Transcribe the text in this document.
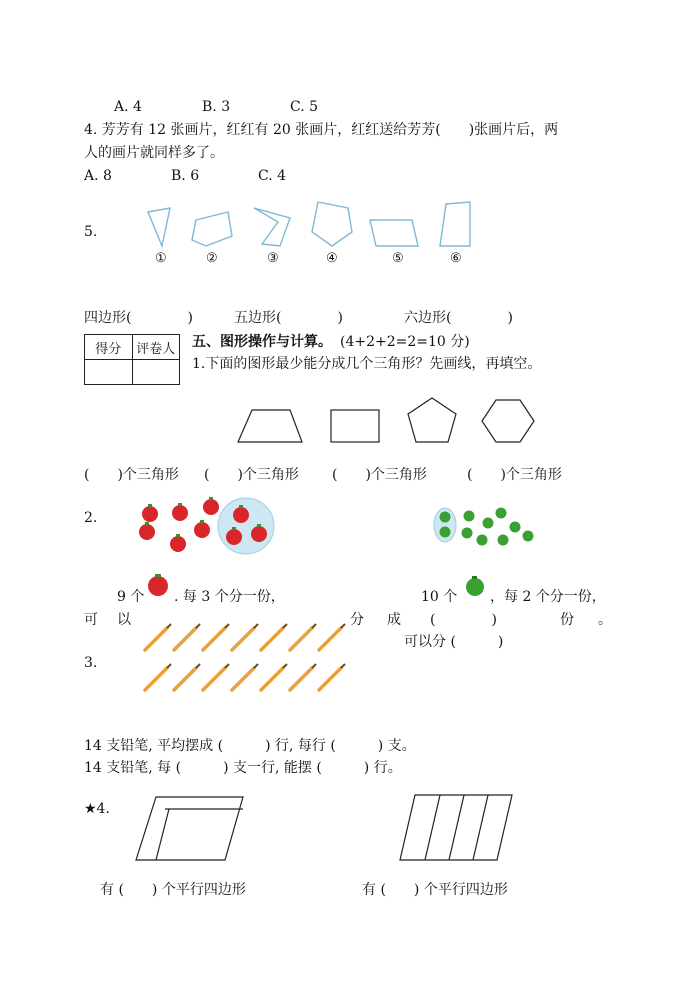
A. 4	B. 3	C. 5
4. 芳芳有 12 张画片，红红有 20 张画片，红红送给芳芳(　　)张画片后，两
人的画片就同样多了。
A. 8	B. 6	C. 4
5.
①	②	③	④	⑤	⑥
四边形(　　　　)	五边形(　　　　)	六边形(　　　　)
得分	评卷人
	五、图形操作与计算。 (4+2+2=2=10 分)
1.下面的图形最少能分成几个三角形？先画线，再填空。
(　　)个三角形 (　　)个三角形 (　　)个三角形	(　　)个三角形
2.
9 个 . 每 3 个分一份，	10 个 ，每 2 个分一份，
可 以	分 成 (　　　　)	份 。
可以分 (　　　)
3.
14 支铅笔, 平均摆成 (　　　) 行, 每行 (　　　) 支。
14 支铅笔, 每 (　　　) 支一行, 能摆 (　　　) 行。
★4.
有 (　　) 个平行四边形	有 (　　) 个平行四边形
